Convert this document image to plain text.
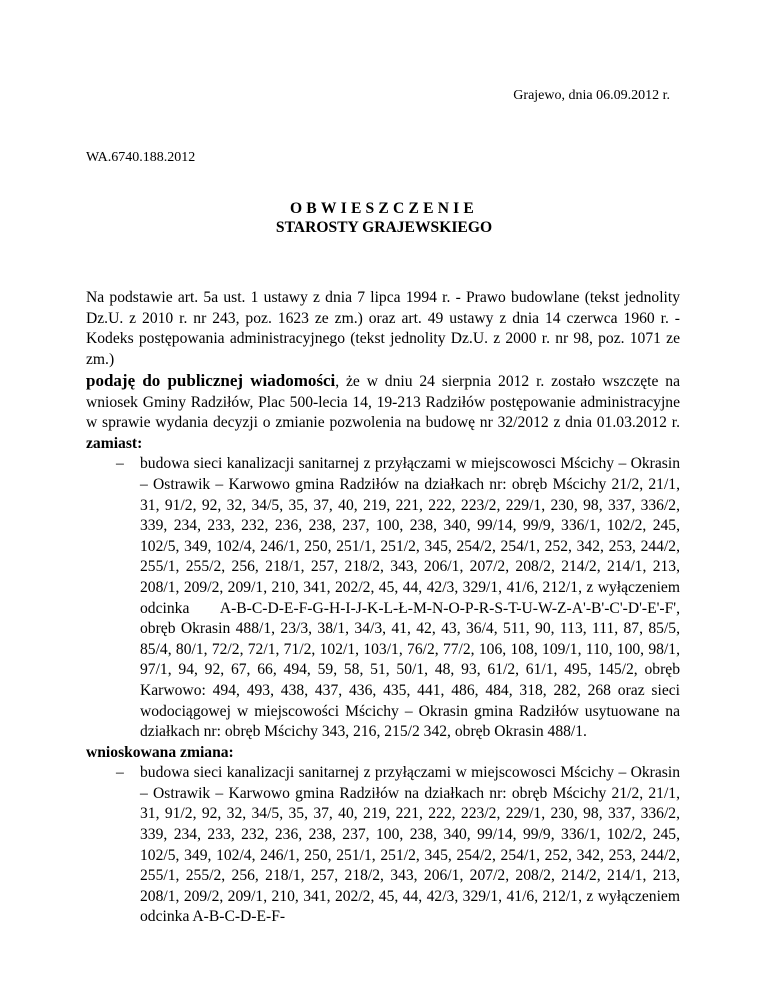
Grajewo, dnia 06.09.2012 r.
WA.6740.188.2012
OBWIESZCZENIE
STAROSTY GRAJEWSKIEGO

Na podstawie art. 5a ust. 1 ustawy z dnia 7 lipca 1994 r. - Prawo budowlane (tekst jednolity Dz.U. z 2010 r. nr 243, poz. 1623 ze zm.) oraz art. 49 ustawy z dnia 14 czerwca 1960 r. - Kodeks postępowania administracyjnego (tekst jednolity Dz.U. z 2000 r. nr 98, poz. 1071 ze zm.)

podaję do publicznej wiadomości, że w dniu 24 sierpnia 2012 r. zostało wszczęte na wniosek Gminy Radziłów, Plac 500-lecia 14, 19-213 Radziłów postępowanie administracyjne w sprawie wydania decyzji o zmianie pozwolenia na budowę nr 32/2012 z dnia 01.03.2012 r. zamiast:

– budowa sieci kanalizacji sanitarnej z przyłączami w miejscowosci Mścichy – Okrasin – Ostrawik – Karwowo gmina Radziłów na działkach nr: obręb Mścichy 21/2, 21/1, 31, 91/2, 92, 32, 34/5, 35, 37, 40, 219, 221, 222, 223/2, 229/1, 230, 98, 337, 336/2, 339, 234, 233, 232, 236, 238, 237, 100, 238, 340, 99/14, 99/9, 336/1, 102/2, 245, 102/5, 349, 102/4, 246/1, 250, 251/1, 251/2, 345, 254/2, 254/1, 252, 342, 253, 244/2, 255/1, 255/2, 256, 218/1, 257, 218/2, 343, 206/1, 207/2, 208/2, 214/2, 214/1, 213, 208/1, 209/2, 209/1, 210, 341, 202/2, 45, 44, 42/3, 329/1, 41/6, 212/1, z wyłączeniem odcinka A-B-C-D-E-F-G-H-I-J-K-L-Ł-M-N-O-P-R-S-T-U-W-Z-A'-B'-C'-D'-E'-F', obręb Okrasin 488/1, 23/3, 38/1, 34/3, 41, 42, 43, 36/4, 511, 90, 113, 111, 87, 85/5, 85/4, 80/1, 72/2, 72/1, 71/2, 102/1, 103/1, 76/2, 77/2, 106, 108, 109/1, 110, 100, 98/1, 97/1, 94, 92, 67, 66, 494, 59, 58, 51, 50/1, 48, 93, 61/2, 61/1, 495, 145/2, obręb Karwowo: 494, 493, 438, 437, 436, 435, 441, 486, 484, 318, 282, 268 oraz sieci wodociągowej w miejscowości Mścichy – Okrasin gmina Radziłów usytuowane na działkach nr: obręb Mścichy 343, 216, 215/2 342, obręb Okrasin 488/1.

wnioskowana zmiana:

– budowa sieci kanalizacji sanitarnej z przyłączami w miejscowosci Mścichy – Okrasin – Ostrawik – Karwowo gmina Radziłów na działkach nr: obręb Mścichy 21/2, 21/1, 31, 91/2, 92, 32, 34/5, 35, 37, 40, 219, 221, 222, 223/2, 229/1, 230, 98, 337, 336/2, 339, 234, 233, 232, 236, 238, 237, 100, 238, 340, 99/14, 99/9, 336/1, 102/2, 245, 102/5, 349, 102/4, 246/1, 250, 251/1, 251/2, 345, 254/2, 254/1, 252, 342, 253, 244/2, 255/1, 255/2, 256, 218/1, 257, 218/2, 343, 206/1, 207/2, 208/2, 214/2, 214/1, 213, 208/1, 209/2, 209/1, 210, 341, 202/2, 45, 44, 42/3, 329/1, 41/6, 212/1, z wyłączeniem odcinka A-B-C-D-E-F-
